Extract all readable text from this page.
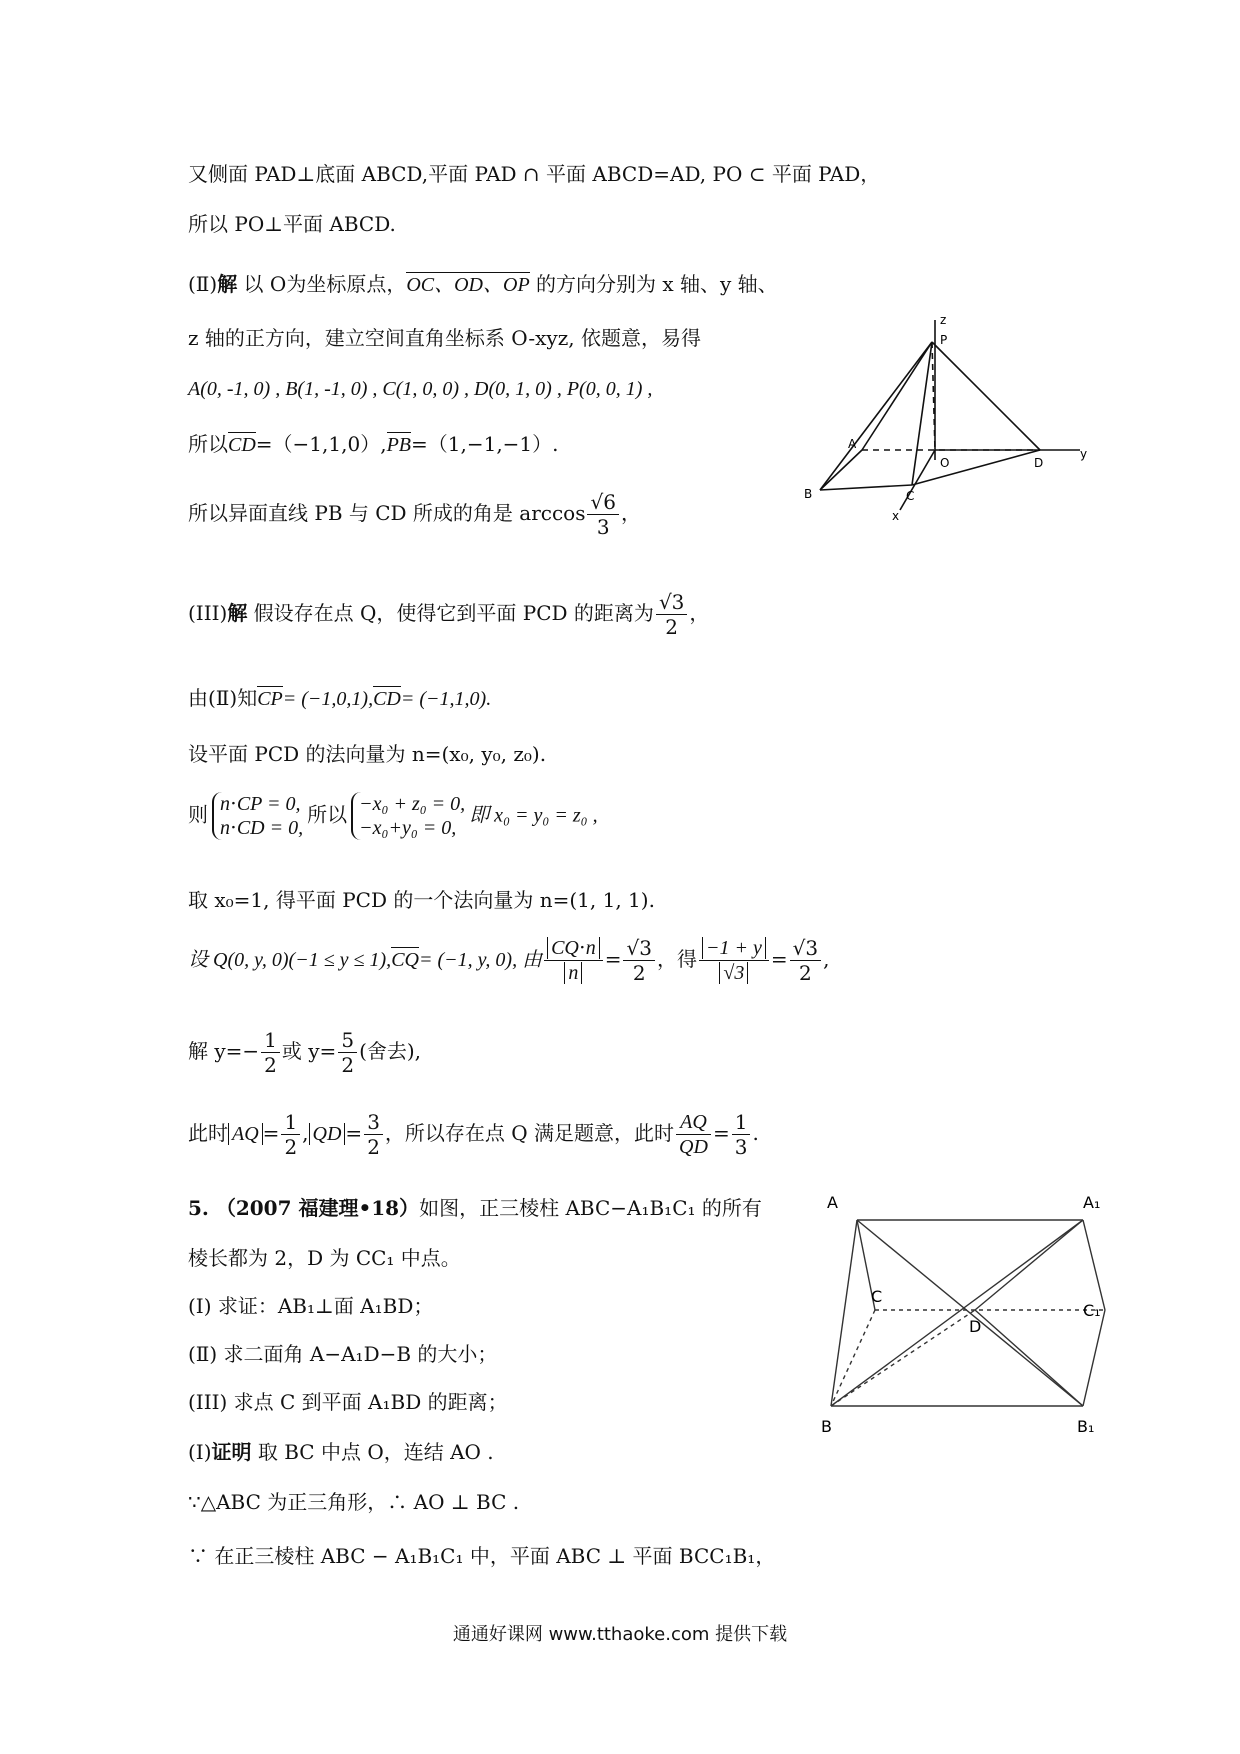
又侧面 PAD⊥底面 ABCD,平面 PAD ∩ 平面 ABCD=AD, PO ⊂ 平面 PAD，
所以 PO⊥平面 ABCD.
(Ⅱ)解 以 O为坐标原点，OC、OD、OP 的方向分别为 x 轴、y 轴、
z 轴的正方向，建立空间直角坐标系 O-xyz, 依题意，易得
A(0, -1, 0) , B(1, -1, 0) , C(1, 0, 0) , D(0, 1, 0) , P(0, 0, 1) ,
所以CD=（−1,1,0）,PB=（1,−1,−1）.
所以异面直线 PB 与 CD 所成的角是 $\arccos \frac{√6}{3}$ ，
(III)解 假设存在点 Q，使得它到平面 PCD 的距离为 $\frac{√3}{2}$ ，
由(Ⅱ)知CP= (−1,0,1),CD= (−1,1,0).
设平面 PCD 的法向量为 n=(x₀, y₀, z₀).
则 n⋅CP = 0,
n⋅CD = 0,
所以 −x₀ + z₀ = 0,
−x₀+y₀ = 0,
即 x₀ = y₀ = z₀ ,
取 x₀=1, 得平面 PCD 的一个法向量为 n=(1, 1, 1).
设 Q(0, y, 0)(−1 ≤ y ≤ 1),CQ= (−1, y, 0), 由 $\frac{CQ\cdot n}{n} = \frac{√3}{2}$ ，得 $\frac{-1 + y}{√3} = \frac{√3}{2}$ ,
解 $y=- \frac{1}{2}$ 或 $y= \frac{5}{2}$ (舍去),
此时 AQ = $\frac{1}{2}$ , QD = $\frac{3}{2}$ ，所以存在点 Q 满足题意，此时 $\frac{AQ}{QD} = \frac{1}{3}$ .
5. （2007 福建理•18）如图，正三棱柱 ABC−A₁B₁C₁ 的所有
棱长都为 2，D 为 CC₁ 中点。
(Ⅰ) 求证：AB₁⊥面 A₁BD；
(Ⅱ) 求二面角 A−A₁D−B 的大小；
(III) 求点 C 到平面 A₁BD 的距离；
(Ⅰ)证明 取 BC 中点 O，连结 AO .
∵△ABC 为正三角形，∴ AO ⊥ BC .
∵ 在正三棱柱 ABC − A₁B₁C₁ 中，平面 ABC ⊥ 平面 BCC₁B₁，
z
P
A
O	D
y
B	C
x
A	A₁
C
D
C₁
B	B₁
通通好课网 www.tthaoke.com 提供下载
